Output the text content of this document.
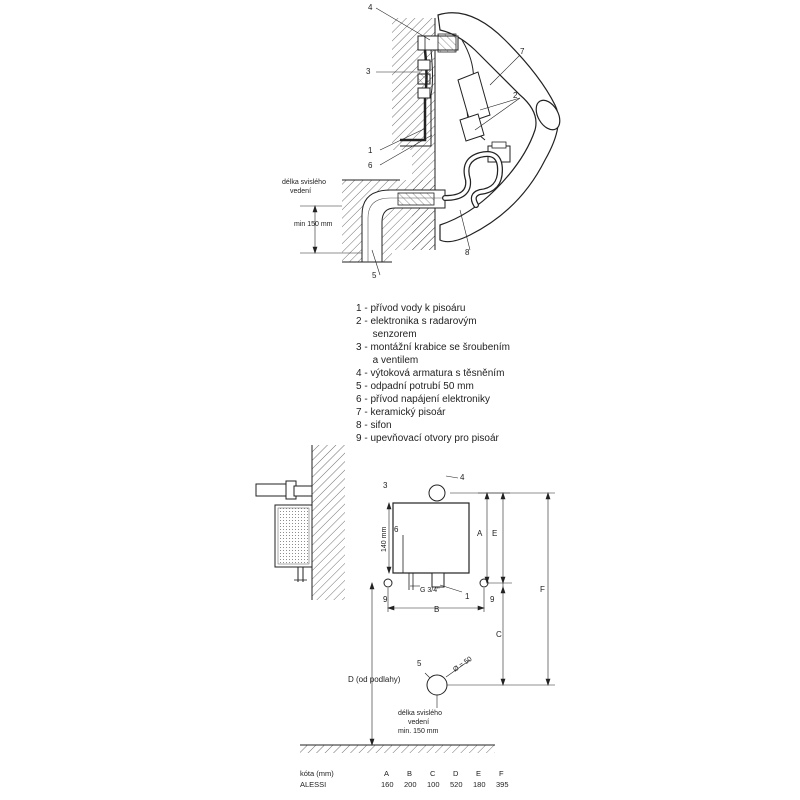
4
3
7
2
1
6
5
8
délka svislého
vedení
min 150 mm
1 - přívod vody k pisoáru
2 - elektronika s radarovým
senzorem
3 - montážní krabice se šroubením
a ventilem
4 - výtoková armatura s těsněním
5 - odpadní potrubí 50 mm
6 - přívod napájení elektroniky
7 - keramický pisoár
8 - sifon
9 - upevňovací otvory pro pisoár
4
3
6
1
9	9
5
140 mm
G 3/4"
A
B
C
E
F
D (od podlahy)
Ø = 50
délka svislého
vedení
min. 150 mm
kóta (mm)
ALESSI
A
160
B
200
C
100
D
520
E
180
F
395
